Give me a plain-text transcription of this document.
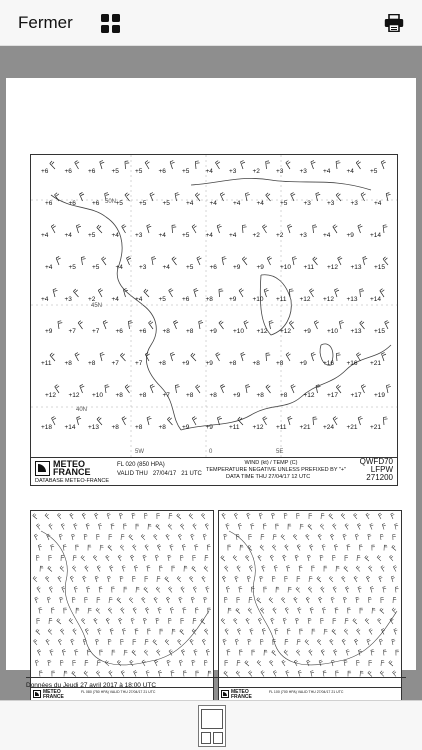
Fermer
+6 +6 +6 +5 +5 +6 +5 +4 +3 +2 +3 +3 +4 +4 +5
+6 +6 +6 +5 +5 +5 +4 +4 +4 +4 +5 +3 +3 +3 +4
+4 +4 +5 +4 +3 +4 +5 +4 +4 +2 +2 +3 +4 +9 +14
+4 +5 +5 +4 +3 +4 +5 +6 +9 +9 +10 +11 +12 +13 +15
+4 +3 +2 +4 +4 +5 +6 +8 +9 +10 +11 +12 +12 +13 +14
+9 +7 +7 +6 +6 +8 +8 +9 +10 +12 +12 +9 +10 +13 +15
+11 +8 +8 +7 +7 +8 +9 +9 +8 +8 +8 +9 +16 +16 +21
+12 +12 +10 +8 +8 +7 +8 +8 +9 +8 +8 +12 +17 +17 +19
+18 +14 +13 +8 +8 +8 +9 +9 +11 +12 +11 +21 +24 +21 +21
45N
40N
50N
5W	0	5E
METEO
FRANCE
DATABASE METEO-FRANCE
FL 020 (850 HPA)
VALID THU 27/04/17 21 UTC
WIND (kt) / TEMP (C)
TEMPERATURE NEGATIVE UNLESS PREFIXED BY "+"
DATA TIME THU 27/04/17 12 UTC
QWFD70
LFPW
271200
METEO
FRANCE
FL 080 (750 HPA) VALID THU 27/04/17 21 UTC	METEO
FRANCE
FL 100 (700 HPA) VALID THU 27/04/17 21 UTC
Données du Jeudi 27 avril 2017 à 18:00 UTC
